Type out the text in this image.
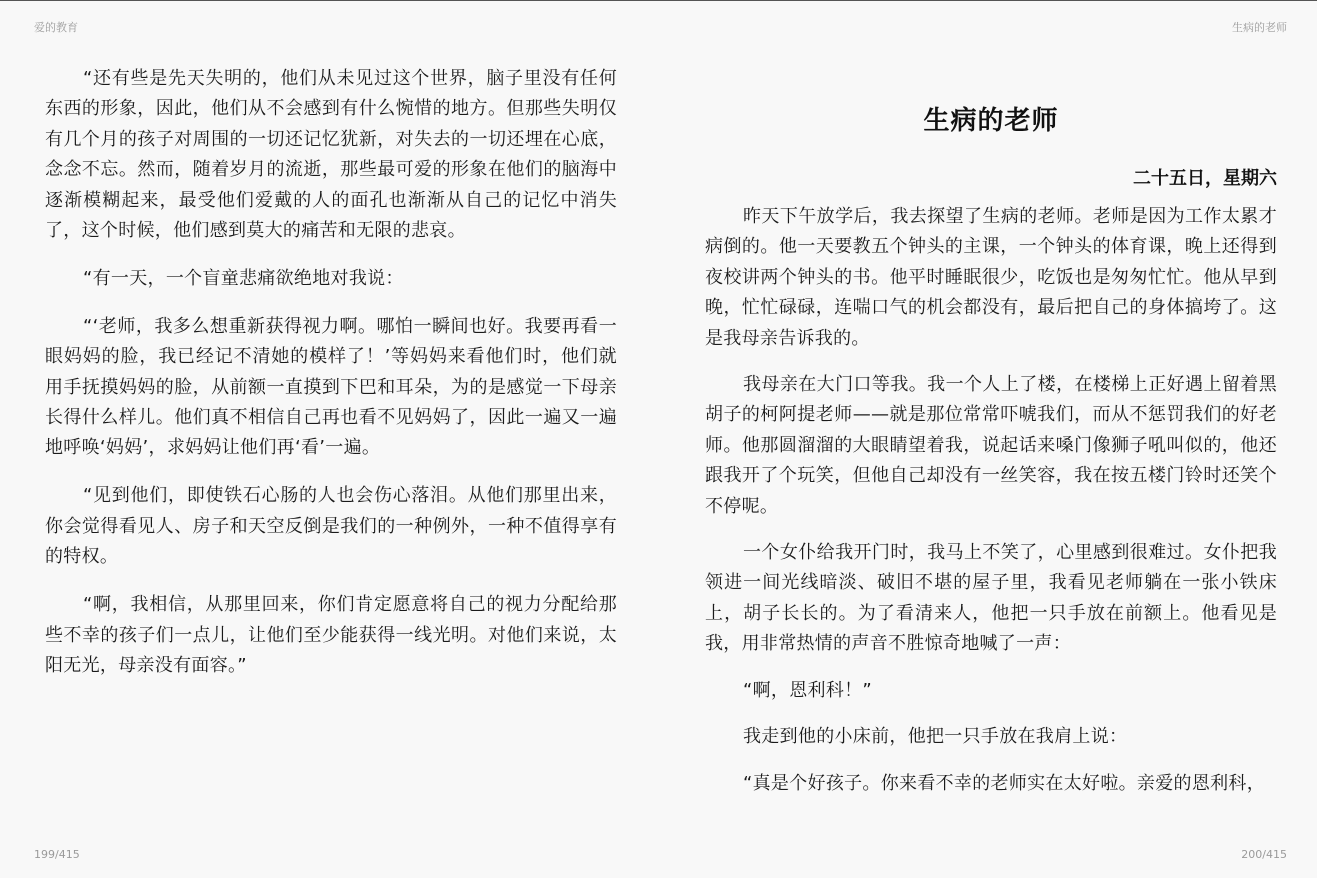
爱的教育	生病的老师

“还有些是先天失明的，他们从未见过这个世界，脑子里没有任何东西的形象，因此，他们从不会感到有什么惋惜的地方。但那些失明仅有几个月的孩子对周围的一切还记忆犹新，对失去的一切还埋在心底，念念不忘。然而，随着岁月的流逝，那些最可爱的形象在他们的脑海中逐渐模糊起来，最受他们爱戴的人的面孔也渐渐从自己的记忆中消失了，这个时候，他们感到莫大的痛苦和无限的悲哀。

“有一天，一个盲童悲痛欲绝地对我说：

“‘老师，我多么想重新获得视力啊。哪怕一瞬间也好。我要再看一眼妈妈的脸，我已经记不清她的模样了！’等妈妈来看他们时，他们就用手抚摸妈妈的脸，从前额一直摸到下巴和耳朵，为的是感觉一下母亲长得什么样儿。他们真不相信自己再也看不见妈妈了，因此一遍又一遍地呼唤‘妈妈’，求妈妈让他们再‘看’一遍。

“见到他们，即使铁石心肠的人也会伤心落泪。从他们那里出来，你会觉得看见人、房子和天空反倒是我们的一种例外，一种不值得享有的特权。

“啊，我相信，从那里回来，你们肯定愿意将自己的视力分配给那些不幸的孩子们一点儿，让他们至少能获得一线光明。对他们来说，太阳无光，母亲没有面容。”

生病的老师
二十五日，星期六

昨天下午放学后，我去探望了生病的老师。老师是因为工作太累才病倒的。他一天要教五个钟头的主课，一个钟头的体育课，晚上还得到夜校讲两个钟头的书。他平时睡眠很少，吃饭也是匆匆忙忙。他从早到晚，忙忙碌碌，连喘口气的机会都没有，最后把自己的身体搞垮了。这是我母亲告诉我的。

我母亲在大门口等我。我一个人上了楼，在楼梯上正好遇上留着黑胡子的柯阿提老师——就是那位常常吓唬我们，而从不惩罚我们的好老师。他那圆溜溜的大眼睛望着我，说起话来嗓门像狮子吼叫似的，他还跟我开了个玩笑，但他自己却没有一丝笑容，我在按五楼门铃时还笑个不停呢。

一个女仆给我开门时，我马上不笑了，心里感到很难过。女仆把我领进一间光线暗淡、破旧不堪的屋子里，我看见老师躺在一张小铁床上，胡子长长的。为了看清来人，他把一只手放在前额上。他看见是我，用非常热情的声音不胜惊奇地喊了一声：

“啊，恩利科！”

我走到他的小床前，他把一只手放在我肩上说：

“真是个好孩子。你来看不幸的老师实在太好啦。亲爱的恩利科，

199/415	200/415
